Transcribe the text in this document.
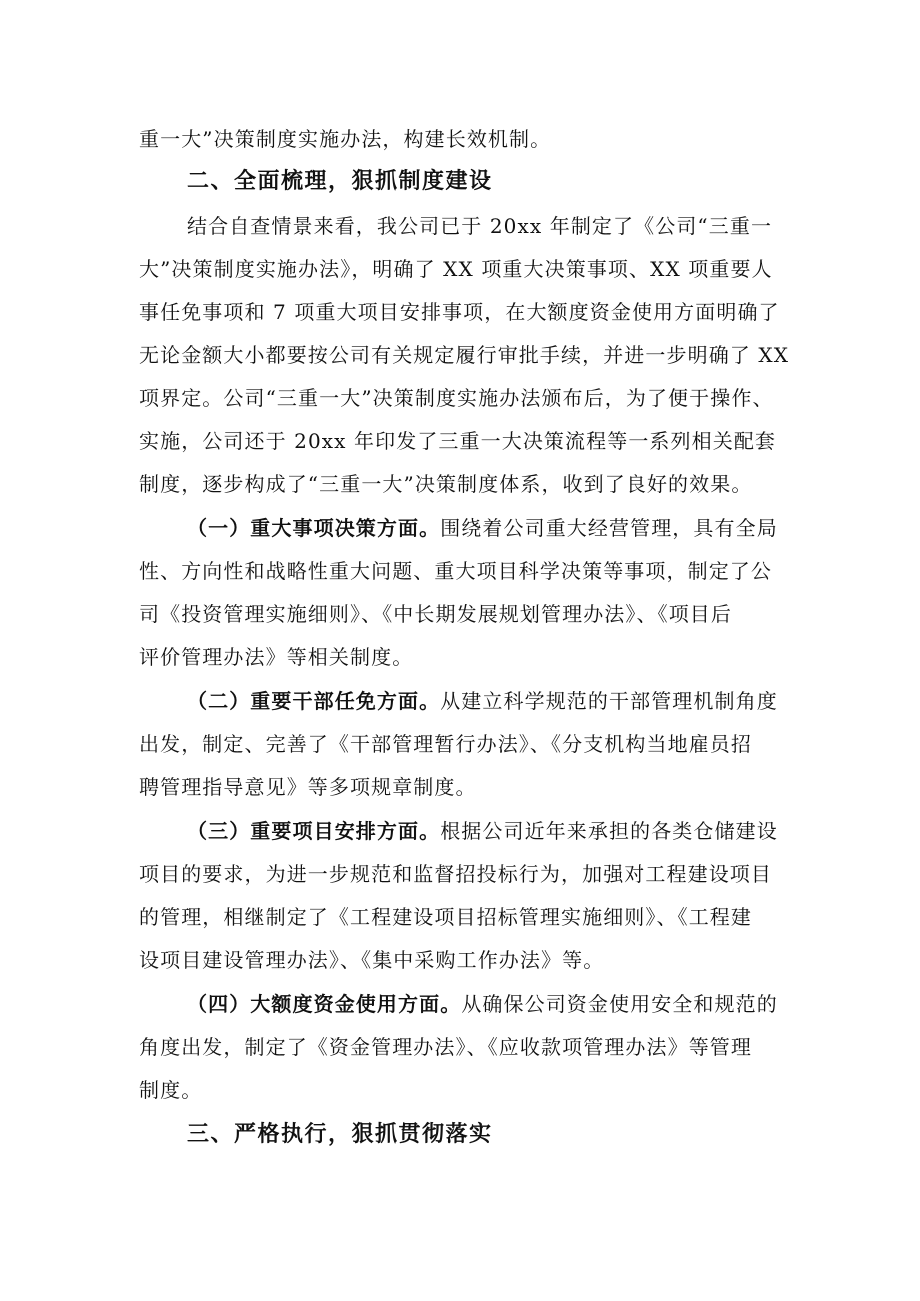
重一大”决策制度实施办法，构建长效机制。
二、全面梳理，狠抓制度建设
结合自查情景来看，我公司已于 20xx 年制定了《公司“三重一
大”决策制度实施办法》，明确了 XX 项重大决策事项、XX 项重要人
事任免事项和 7 项重大项目安排事项，在大额度资金使用方面明确了
无论金额大小都要按公司有关规定履行审批手续，并进一步明确了 XX
项界定。公司“三重一大”决策制度实施办法颁布后，为了便于操作、
实施，公司还于 20xx 年印发了三重一大决策流程等一系列相关配套
制度，逐步构成了“三重一大”决策制度体系，收到了良好的效果。
（一）重大事项决策方面。围绕着公司重大经营管理，具有全局
性、方向性和战略性重大问题、重大项目科学决策等事项，制定了公
司《投资管理实施细则》、《中长期发展规划管理办法》、《项目后
评价管理办法》等相关制度。
（二）重要干部任免方面。从建立科学规范的干部管理机制角度
出发，制定、完善了《干部管理暂行办法》、《分支机构当地雇员招
聘管理指导意见》等多项规章制度。
（三）重要项目安排方面。根据公司近年来承担的各类仓储建设
项目的要求，为进一步规范和监督招投标行为，加强对工程建设项目
的管理，相继制定了《工程建设项目招标管理实施细则》、《工程建
设项目建设管理办法》、《集中采购工作办法》等。
（四）大额度资金使用方面。从确保公司资金使用安全和规范的
角度出发，制定了《资金管理办法》、《应收款项管理办法》等管理
制度。
三、严格执行，狠抓贯彻落实
